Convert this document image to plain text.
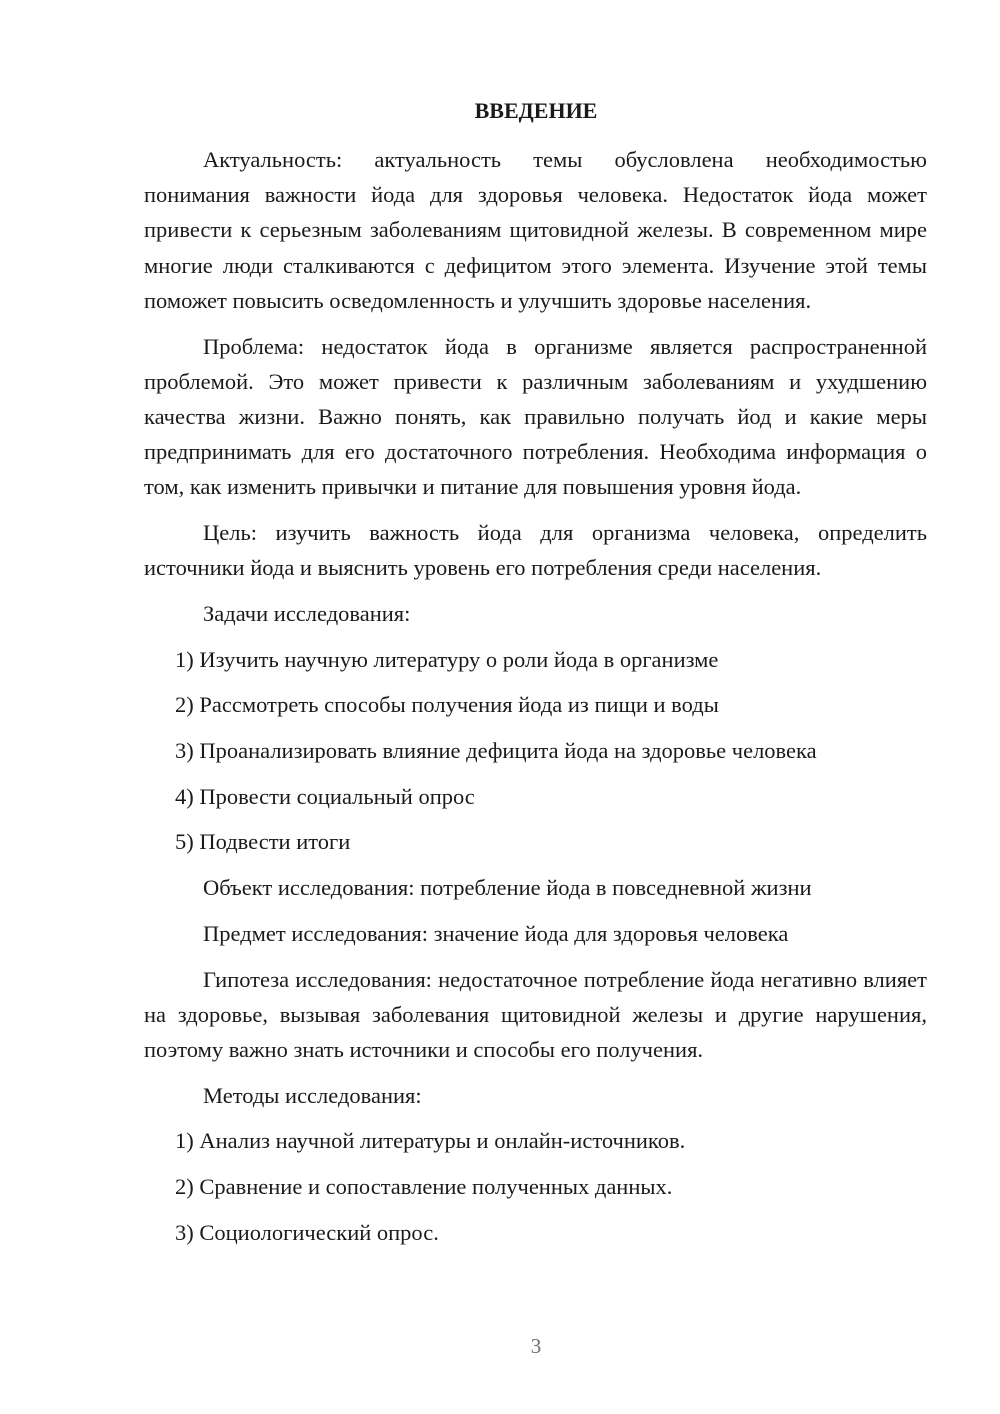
ВВЕДЕНИЕ

Актуальность: актуальность темы обусловлена необходимостью понимания важности йода для здоровья человека. Недостаток йода может привести к серьезным заболеваниям щитовидной железы. В современном мире многие люди сталкиваются с дефицитом этого элемента. Изучение этой темы поможет повысить осведомленность и улучшить здоровье населения.

Проблема: недостаток йода в организме является распространенной проблемой. Это может привести к различным заболеваниям и ухудшению качества жизни. Важно понять, как правильно получать йод и какие меры предпринимать для его достаточного потребления. Необходима информация о том, как изменить привычки и питание для повышения уровня йода.

Цель: изучить важность йода для организма человека, определить источники йода и выяснить уровень его потребления среди населения.

Задачи исследования:

1) Изучить научную литературу о роли йода в организме

2) Рассмотреть способы получения йода из пищи и воды

3) Проанализировать влияние дефицита йода на здоровье человека

4) Провести социальный опрос

5) Подвести итоги

Объект исследования: потребление йода в повседневной жизни

Предмет исследования: значение йода для здоровья человека

Гипотеза исследования: недостаточное потребление йода негативно влияет на здоровье, вызывая заболевания щитовидной железы и другие нарушения, поэтому важно знать источники и способы его получения.

Методы исследования:

1) Анализ научной литературы и онлайн-источников.

2) Сравнение и сопоставление полученных данных.

3) Социологический опрос.

3
